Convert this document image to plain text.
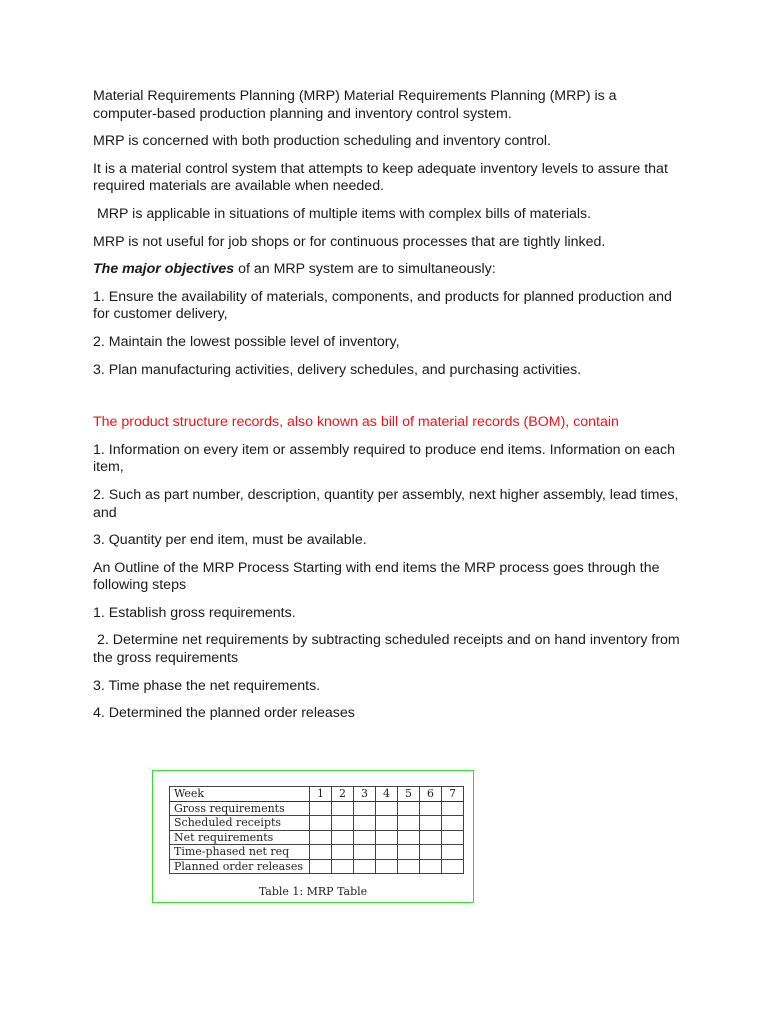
Material Requirements Planning (MRP) Material Requirements Planning (MRP) is a computer-based production planning and inventory control system.

MRP is concerned with both production scheduling and inventory control.

It is a material control system that attempts to keep adequate inventory levels to assure that required materials are available when needed.

MRP is applicable in situations of multiple items with complex bills of materials.

MRP is not useful for job shops or for continuous processes that are tightly linked.

The major objectives of an MRP system are to simultaneously:

1. Ensure the availability of materials, components, and products for planned production and for customer delivery,

2. Maintain the lowest possible level of inventory,

3. Plan manufacturing activities, delivery schedules, and purchasing activities.

The product structure records, also known as bill of material records (BOM), contain

1. Information on every item or assembly required to produce end items. Information on each item,

2. Such as part number, description, quantity per assembly, next higher assembly, lead times, and

3. Quantity per end item, must be available.

An Outline of the MRP Process Starting with end items the MRP process goes through the following steps

1. Establish gross requirements.

2. Determine net requirements by subtracting scheduled receipts and on hand inventory from the gross requirements

3. Time phase the net requirements.

4. Determined the planned order releases

Week	1	2	3	4	5	6	7
Gross requirements							
Scheduled receipts							
Net requirements							
Time-phased net req							
Planned order releases							
Table 1: MRP Table
